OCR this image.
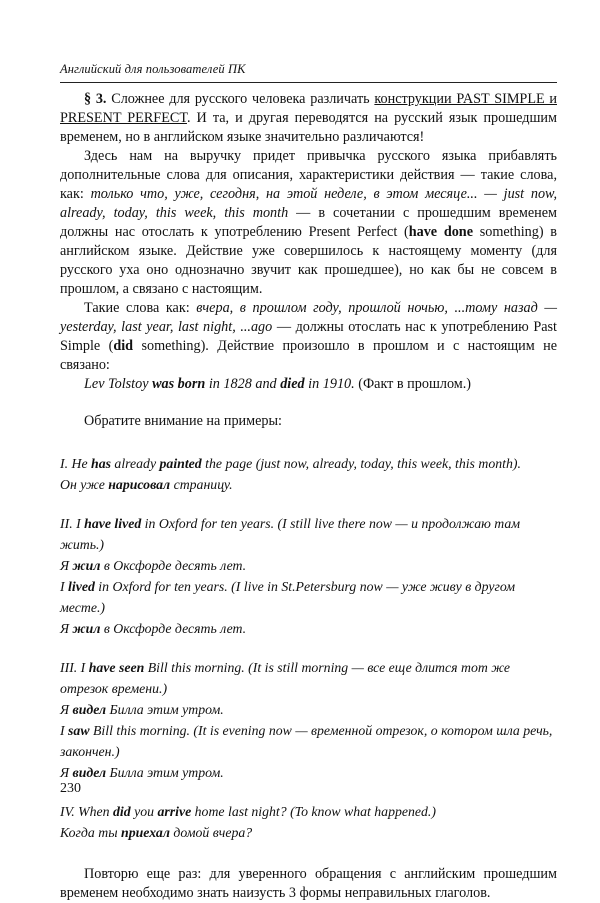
Английский для пользователей ПК

§ 3. Сложнее для русского человека различать конструкции PAST SIMPLE и PRESENT PERFECT. И та, и другая переводятся на русский язык прошедшим временем, но в английском языке значительно различаются!

Здесь нам на выручку придет привычка русского языка прибавлять дополнительные слова для описания, характеристики действия — такие слова, как: только что, уже, сегодня, на этой неделе, в этом месяце... — just now, already, today, this week, this month — в сочетании с прошедшим временем должны нас отослать к употреблению Present Perfect (have done something) в английском языке. Действие уже совершилось к настоящему моменту (для русского уха оно однозначно звучит как прошедшее), но как бы не совсем в прошлом, а связано с настоящим.

Такие слова как: вчера, в прошлом году, прошлой ночью, ...тому назад — yesterday, last year, last night, ...ago — должны отослать нас к употреблению Past Simple (did something). Действие произошло в прошлом и с настоящим не связано:

Lev Tolstoy was born in 1828 and died in 1910. (Факт в прошлом.)

Обратите внимание на примеры:

I. He has already painted the page (just now, already, today, this week, this month).
Он уже нарисовал страницу.
II. I have lived in Oxford for ten years. (I still live there now — и продолжаю там жить.)
Я жил в Оксфорде десять лет.
I lived in Oxford for ten years. (I live in St.Petersburg now — уже живу в другом месте.)
Я жил в Оксфорде десять лет.
III. I have seen Bill this morning. (It is still morning — все еще длится тот же отрезок времени.)
Я видел Билла этим утром.
I saw Bill this morning. (It is evening now — временной отрезок, о котором шла речь, закончен.)
Я видел Билла этим утром.
IV. When did you arrive home last night? (To know what happened.)
Когда ты приехал домой вчера?

Повторю еще раз: для уверенного обращения с английским прошедшим временем необходимо знать наизусть 3 формы неправильных глаголов.

230
